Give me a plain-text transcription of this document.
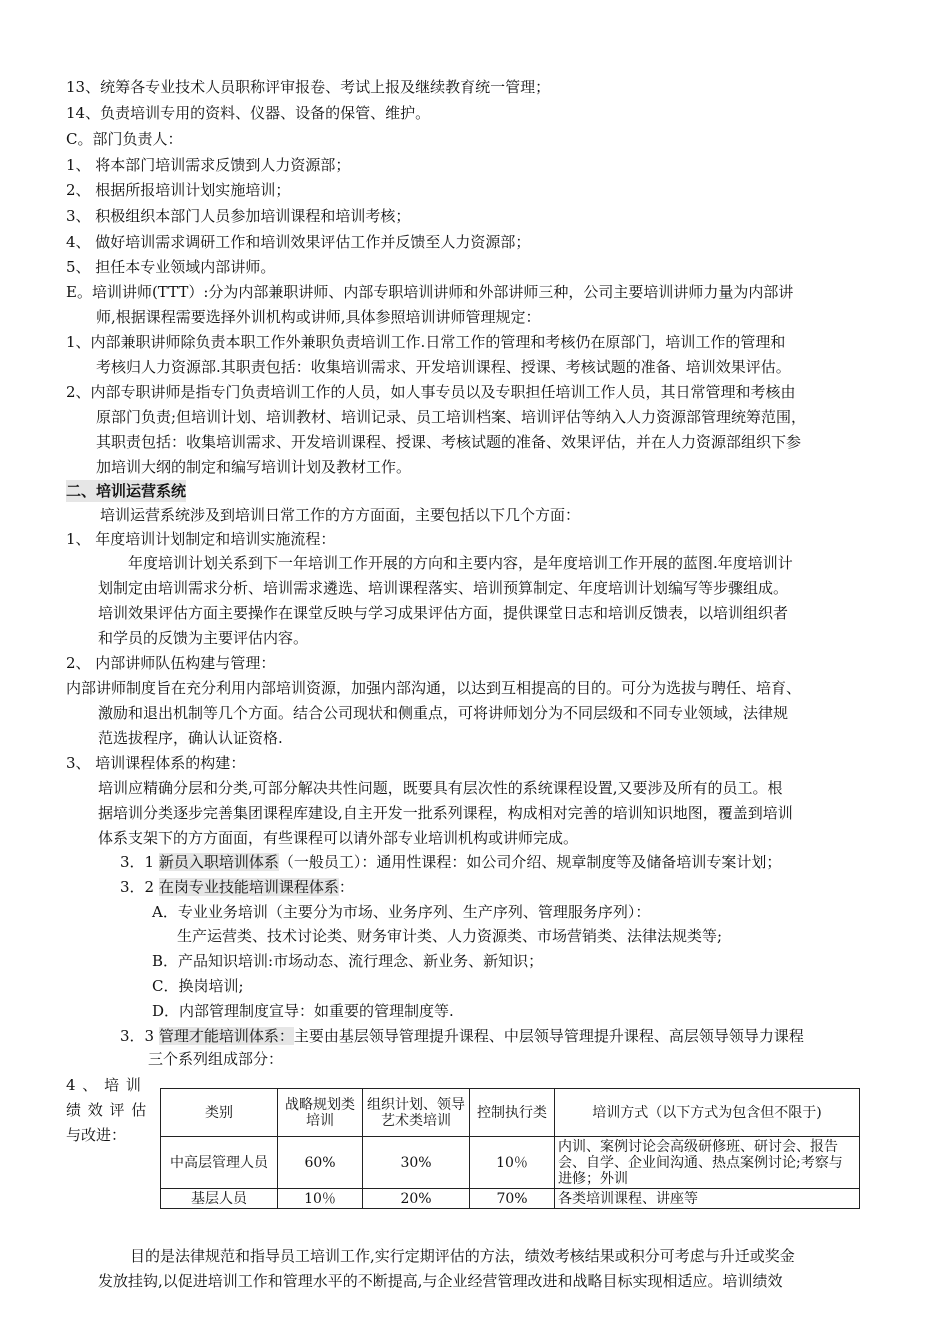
13、统筹各专业技术人员职称评审报卷、考试上报及继续教育统一管理；
14、负责培训专用的资料、仪器、设备的保管、维护。
C。部门负责人：
1、 将本部门培训需求反馈到人力资源部；
2、 根据所报培训计划实施培训；
3、 积极组织本部门人员参加培训课程和培训考核；
4、 做好培训需求调研工作和培训效果评估工作并反馈至人力资源部；
5、 担任本专业领域内部讲师。
E。培训讲师(TTT）:分为内部兼职讲师、内部专职培训讲师和外部讲师三种，公司主要培训讲师力量为内部讲
师,根据课程需要选择外训机构或讲师,具体参照培训讲师管理规定：
1、内部兼职讲师除负责本职工作外兼职负责培训工作.日常工作的管理和考核仍在原部门，培训工作的管理和
考核归人力资源部.其职责包括：收集培训需求、开发培训课程、授课、考核试题的准备、培训效果评估。
2、内部专职讲师是指专门负责培训工作的人员，如人事专员以及专职担任培训工作人员，其日常管理和考核由
原部门负责;但培训计划、培训教材、培训记录、员工培训档案、培训评估等纳入人力资源部管理统筹范围，
其职责包括：收集培训需求、开发培训课程、授课、考核试题的准备、效果评估，并在人力资源部组织下参
加培训大纲的制定和编写培训计划及教材工作。
二、培训运营系统
培训运营系统涉及到培训日常工作的方方面面，主要包括以下几个方面：
1、 年度培训计划制定和培训实施流程：
年度培训计划关系到下一年培训工作开展的方向和主要内容，是年度培训工作开展的蓝图.年度培训计
划制定由培训需求分析、培训需求遴选、培训课程落实、培训预算制定、年度培训计划编写等步骤组成。
培训效果评估方面主要操作在课堂反映与学习成果评估方面，提供课堂日志和培训反馈表，以培训组织者
和学员的反馈为主要评估内容。
2、 内部讲师队伍构建与管理：
内部讲师制度旨在充分利用内部培训资源，加强内部沟通，以达到互相提高的目的。可分为选拔与聘任、培育、
激励和退出机制等几个方面。结合公司现状和侧重点，可将讲师划分为不同层级和不同专业领域，法律规
范选拔程序，确认认证资格.
3、 培训课程体系的构建：
培训应精确分层和分类,可部分解决共性问题，既要具有层次性的系统课程设置,又要涉及所有的员工。根
据培训分类逐步完善集团课程库建设,自主开发一批系列课程，构成相对完善的培训知识地图，覆盖到培训
体系支架下的方方面面，有些课程可以请外部专业培训机构或讲师完成。
3．1 新员入职培训体系（一般员工）：通用性课程：如公司介绍、规章制度等及储备培训专案计划；
3．2 在岗专业技能培训课程体系：
A．专业业务培训（主要分为市场、业务序列、生产序列、管理服务序列）：
生产运营类、技术讨论类、财务审计类、人力资源类、市场营销类、法律法规类等;
B．产品知识培训:市场动态、流行理念、新业务、新知识；
C．换岗培训;
D．内部管理制度宣导：如重要的管理制度等.
3．3 管理才能培训体系：主要由基层领导管理提升课程、中层领导管理提升课程、高层领导领导力课程
三个系列组成部分：
4 、 培 训
绩 效 评 估
与改进：
类别	战略规划类培训	组织计划、领导艺术类培训	控制执行类	培训方式（以下方式为包含但不限于)
中高层管理人员	60%	30%	10％	内训、案例讨论会高级研修班、研讨会、报告会、自学、企业间沟通、热点案例讨论;考察与进修；外训
基层人员	10％	20%	70%	各类培训课程、讲座等
目的是法律规范和指导员工培训工作,实行定期评估的方法，绩效考核结果或积分可考虑与升迁或奖金
发放挂钩,以促进培训工作和管理水平的不断提高,与企业经营管理改进和战略目标实现相适应。培训绩效
